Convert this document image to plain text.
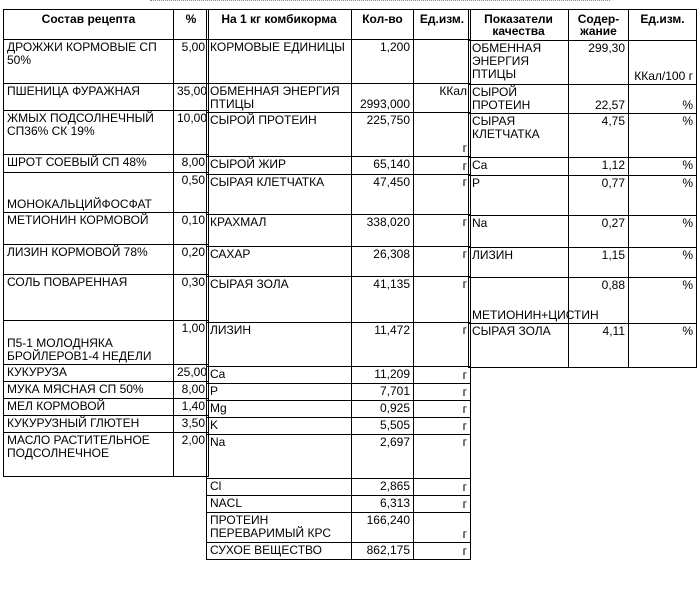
Состав рецепта	%
ДРОЖЖИ КОРМОВЫЕ СП 50%	5,00
ПШЕНИЦА ФУРАЖНАЯ	35,00
ЖМЫХ ПОДСОЛНЕЧНЫЙ СП36% СК 19%	10,00
ШРОТ СОЕВЫЙ СП 48%	8,00
МОНОКАЛЬЦИЙФОСФАТ	0,50
МЕТИОНИН КОРМОВОЙ	0,10
ЛИЗИН КОРМОВОЙ 78%	0,20
СОЛЬ ПОВАРЕННАЯ	0,30
П5-1 МОЛОДНЯКА БРОЙЛЕРОВ1-4 НЕДЕЛИ	1,00
КУКУРУЗА	25,00
МУКА МЯСНАЯ СП 50%	8,00
МЕЛ КОРМОВОЙ	1,40
КУКУРУЗНЫЙ ГЛЮТЕН	3,50
МАСЛО РАСТИТЕЛЬНОЕ ПОДСОЛНЕЧНОЕ	2,00
На 1 кг комбикорма	Кол-во	Ед.изм.
КОРМОВЫЕ ЕДИНИЦЫ	1,200	
ОБМЕННАЯ ЭНЕРГИЯ ПТИЦЫ	2993,000	ККал
СЫРОЙ ПРОТЕИН	225,750	г
СЫРОЙ ЖИР	65,140	г
СЫРАЯ КЛЕТЧАТКА	47,450	г
КРАХМАЛ	338,020	г
САХАР	26,308	г
СЫРАЯ ЗОЛА	41,135	г
ЛИЗИН	11,472	г
Ca	11,209	г
P	7,701	г
Mg	0,925	г
K	5,505	г
Na	2,697	г
Cl	2,865	г
NACL	6,313	г
ПРОТЕИН ПЕРЕВАРИМЫЙ КРС	166,240	г
СУХОЕ ВЕЩЕСТВО	862,175	г
Показатели качества	Содер-жание	Ед.изм.
ОБМЕННАЯ ЭНЕРГИЯ ПТИЦЫ	299,30	ККал/100 г
СЫРОЙ ПРОТЕИН	22,57	%
СЫРАЯ КЛЕТЧАТКА	4,75	%
Ca	1,12	%
P	0,77	%
Na	0,27	%
ЛИЗИН	1,15	%
МЕТИОНИН+ЦИСТИН	0,88	%
СЫРАЯ ЗОЛА	4,11	%
